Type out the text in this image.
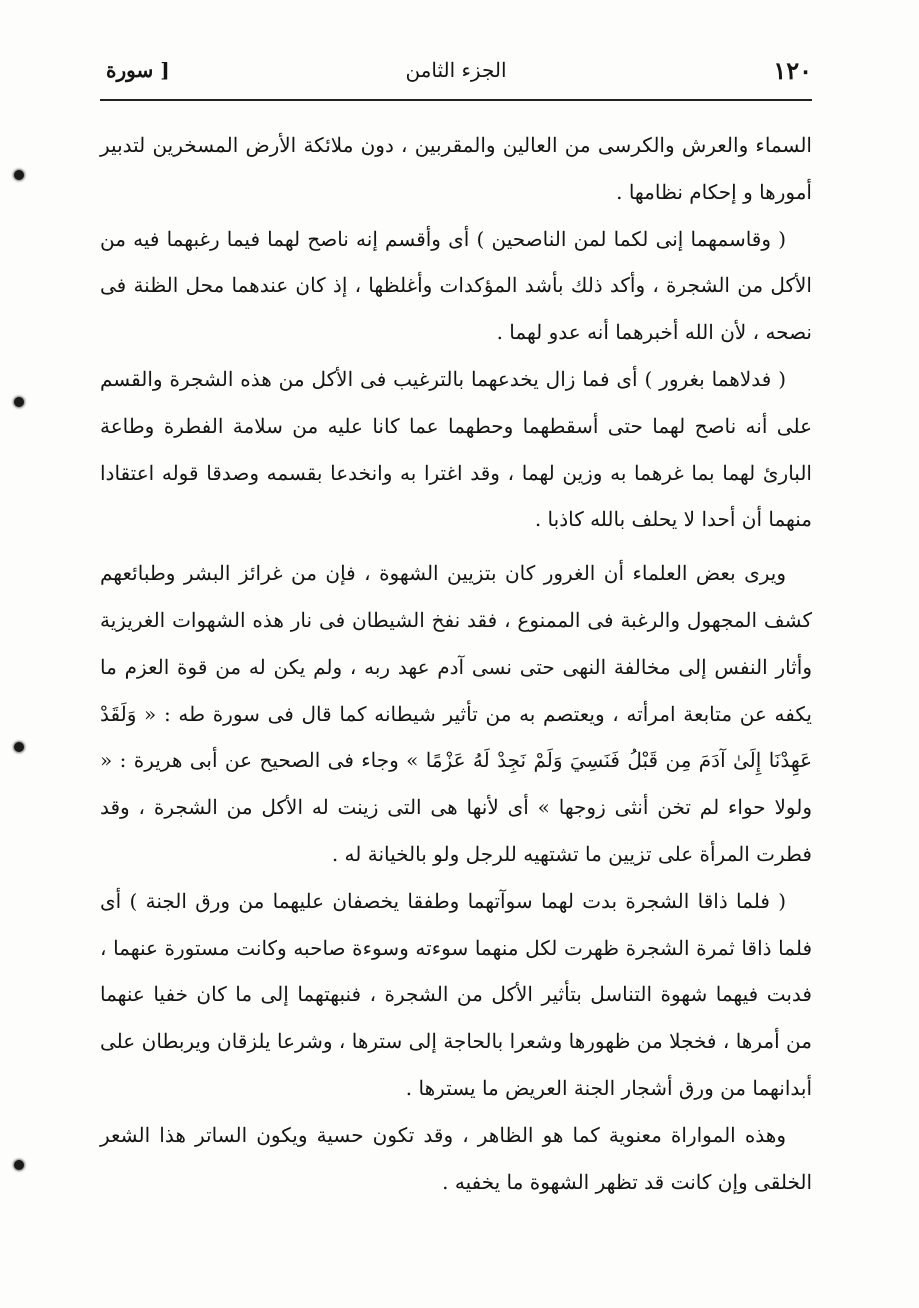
١٢٠
الجزء الثامن
[ سورة

السماء والعرش والكرسى من العالين والمقربين ، دون ملائكة الأرض المسخرين لتدبير أمورها و إحكام نظامها .

( وقاسمهما إنى لكما لمن الناصحين ) أى وأقسم إنه ناصح لهما فيما رغبهما فيه من الأكل من الشجرة ، وأكد ذلك بأشد المؤكدات وأغلظها ، إذ كان عندهما محل الظنة فى نصحه ، لأن الله أخبرهما أنه عدو لهما .

( فدلاهما بغرور ) أى فما زال يخدعهما بالترغيب فى الأكل من هذه الشجرة والقسم على أنه ناصح لهما حتى أسقطهما وحطهما عما كانا عليه من سلامة الفطرة وطاعة البارئ لهما بما غرهما به وزين لهما ، وقد اغترا به وانخدعا بقسمه وصدقا قوله اعتقادا منهما أن أحدا لا يحلف بالله كاذبا .

ويرى بعض العلماء أن الغرور كان بتزيين الشهوة ، فإن من غرائز البشر وطبائعهم كشف المجهول والرغبة فى الممنوع ، فقد نفخ الشيطان فى نار هذه الشهوات الغريزية وأثار النفس إلى مخالفة النهى حتى نسى آدم عهد ربه ، ولم يكن له من قوة العزم ما يكفه عن متابعة امرأته ، ويعتصم به من تأثير شيطانه كما قال فى سورة طه : « وَلَقَدْ عَهِدْنَا إِلَىٰ آدَمَ مِن قَبْلُ فَنَسِيَ وَلَمْ نَجِدْ لَهُ عَزْمًا » وجاء فى الصحيح عن أبى هريرة : « ولولا حواء لم تخن أنثى زوجها » أى لأنها هى التى زينت له الأكل من الشجرة ، وقد فطرت المرأة على تزيين ما تشتهيه للرجل ولو بالخيانة له .

( فلما ذاقا الشجرة بدت لهما سوآتهما وطفقا يخصفان عليهما من ورق الجنة ) أى فلما ذاقا ثمرة الشجرة ظهرت لكل منهما سوءته وسوءة صاحبه وكانت مستورة عنهما ، فدبت فيهما شهوة التناسل بتأثير الأكل من الشجرة ، فنبهتهما إلى ما كان خفيا عنهما من أمرها ، فخجلا من ظهورها وشعرا بالحاجة إلى سترها ، وشرعا يلزقان ويربطان على أبدانهما من ورق أشجار الجنة العريض ما يسترها .

وهذه المواراة معنوية كما هو الظاهر ، وقد تكون حسية ويكون الساتر هذا الشعر الخلقى وإن كانت قد تظهر الشهوة ما يخفيه .
